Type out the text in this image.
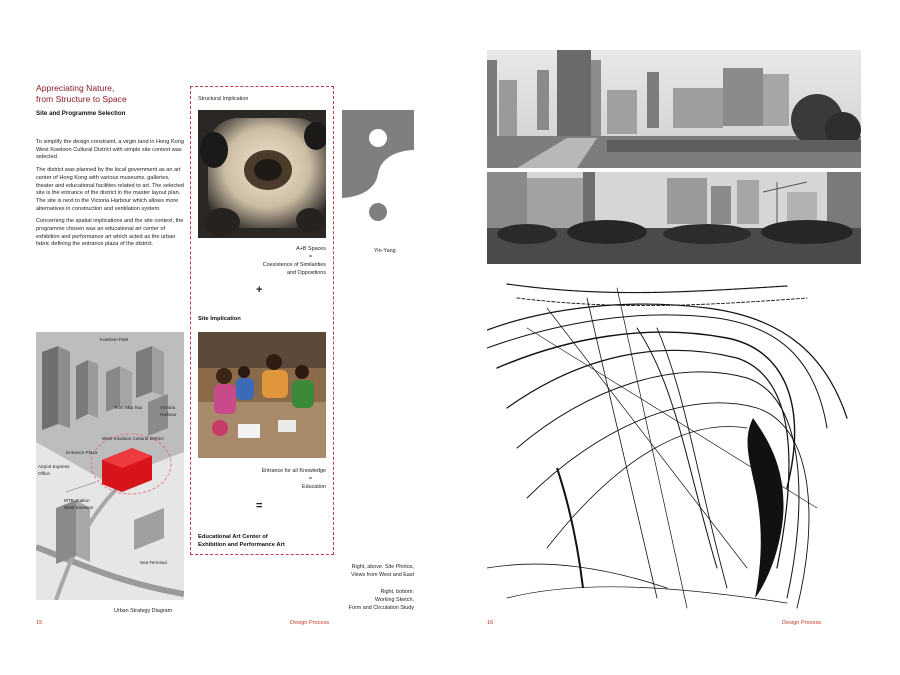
Appreciating Nature,
from Structure to Space
Site and Programme Selection

To simplify the design constraint, a virgin land in Hong Kong West Kowloon Cultural District with simple site context was selected.

The district was planned by the local government as an art center of Hong Kong with various museums, galleries, theater and educational facilities related to art. The selected site is the entrance of the district in the master layout plan. The site is next to the Victoria Harbour which allows more alternatives in construction and ventilation system.

Concerning the spatial implications and the site context, the programme chosen was an educational art center of exhibition and performance art which acted as the urban fabric defining the entrance plaza of the district.

Kowloon Park
Tsim Sha Tsui	Victoria
Harbour
West Kowloon Cultural District
Entrance Plaza
Airport Express
Office
MTR Station
West Kowloon
Sea Terminal
Urban Strategy Diagram
Structural Implication
Yin-Yang
A+B Spaces
=
Coexistence of Similarities
and Oppositions
+
Site Implication
Entrance for all Knowledge
=
Education
=
Educational Art Center of
Exhibition and Performance Art
Right, above: Site Photos,
Views from West and East
Right, bottom:
Working Sketch,
Form and Circulation Study
15	Design Process	16	Design Process
